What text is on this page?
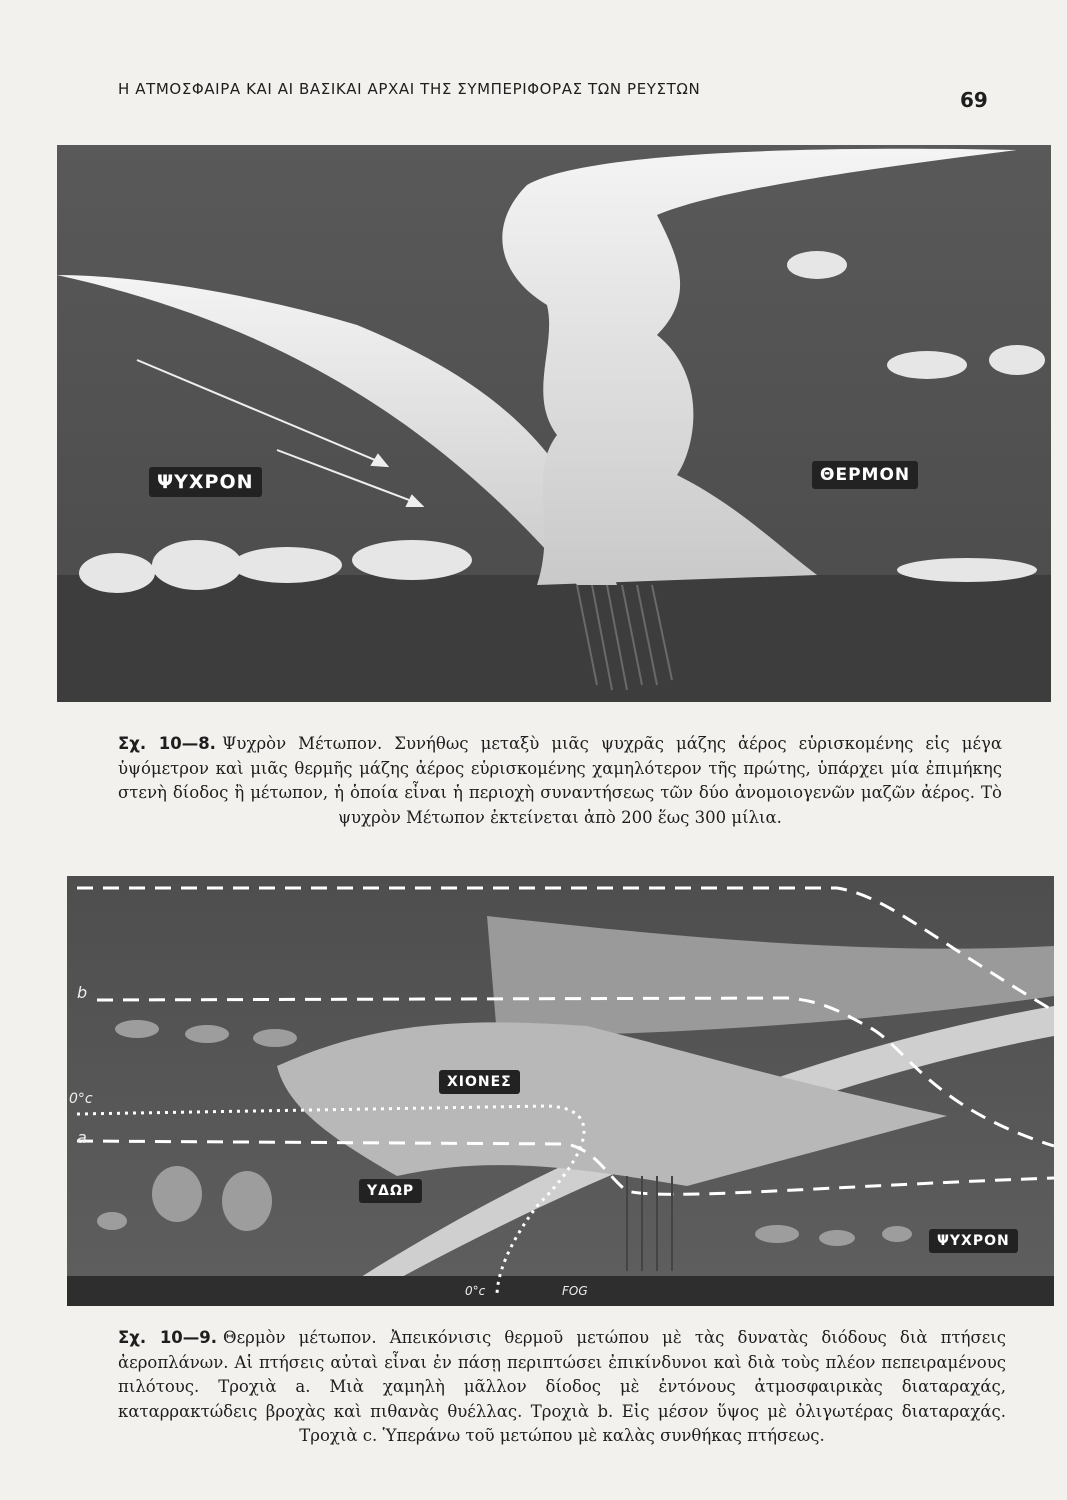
Η ΑΤΜΟΣΦΑΙΡΑ ΚΑΙ ΑΙ ΒΑΣΙΚΑΙ ΑΡΧΑΙ ΤΗΣ ΣΥΜΠΕΡΙΦΟΡΑΣ ΤΩΝ ΡΕΥΣΤΩΝ	69
ΨΥΧΡΟΝ	ΘΕΡΜΟΝ
Σχ. 10—8. Ψυχρὸν Μέτωπον. Συνήθως μεταξὺ μιᾶς ψυχρᾶς μάζης ἀέρος εὑρισκομένης εἰς μέγα ὑψόμετρον καὶ μιᾶς θερμῆς μάζης ἀέρος εὑρισκομένης χαμηλότερον τῆς πρώτης, ὑπάρχει μία ἐπιμήκης στενὴ δίοδος ἢ μέτωπον, ἡ ὁποία εἶναι ἡ περιοχὴ συναντήσεως τῶν δύο ἀνομοιογενῶν μαζῶν ἀέρος. Τὸ ψυχρὸν Μέτωπον ἐκτείνεται ἀπὸ 200 ἕως 300 μίλια.
ΧΙΟΝΕΣ
ΥΔΩΡ
ΨΥΧΡΟΝ
b
a
0°c
0°c	FOG
Σχ. 10—9. Θερμὸν μέτωπον. Ἀπεικόνισις θερμοῦ μετώπου μὲ τὰς δυνατὰς διόδους διὰ πτήσεις ἀεροπλάνων. Αἱ πτήσεις αὐταὶ εἶναι ἐν πάσῃ περιπτώσει ἐπικίνδυνοι καὶ διὰ τοὺς πλέον πεπειραμένους πιλότους. Τροχιὰ a. Μιὰ χαμηλὴ μᾶλλον δίοδος μὲ ἐντόνους ἀτμοσφαιρικὰς διαταραχάς, καταρρακτώδεις βροχὰς καὶ πιθανὰς θυέλλας. Τροχιὰ b. Εἰς μέσον ὕψος μὲ ὀλιγωτέρας διαταραχάς. Τροχιὰ c. Ὑπεράνω τοῦ μετώπου μὲ καλὰς συνθήκας πτήσεως.
